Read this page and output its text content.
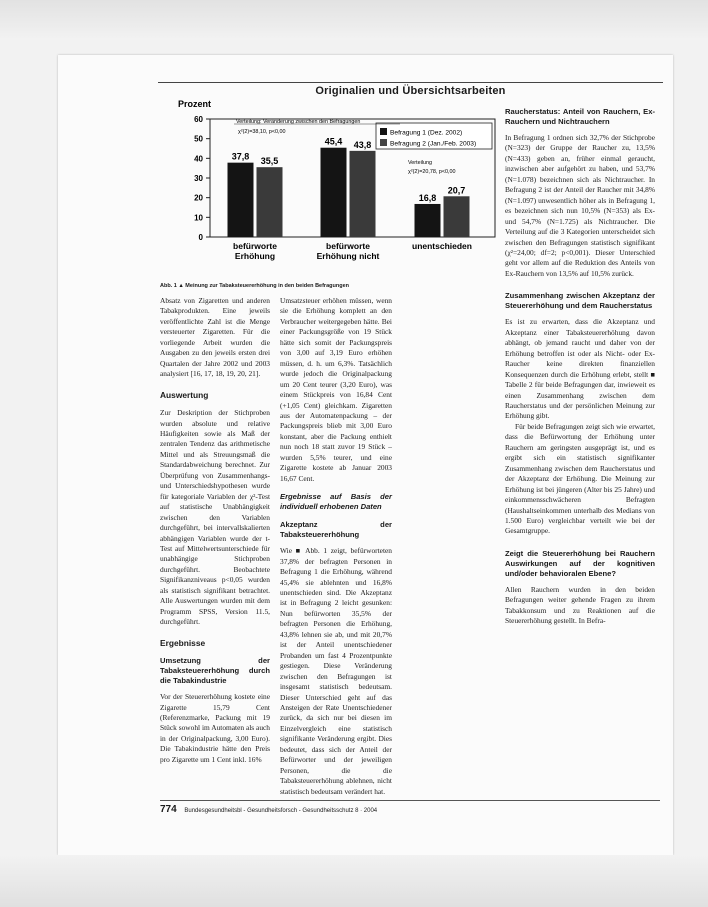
Originalien und Übersichtsarbeiten
Prozent
0
10
20
30
40
50
60
37,8 35,5
befürworte Erhöhung
45,4 43,8
befürworte Erhöhung nicht
16,8
20,7
unentschieden
Befragung 1 (Dez. 2002)
Befragung 2 (Jan./Feb. 2003)
Verteilung: Veränderung zwischen den Befragungen
χ²(2)=38,10, p<0,00
Verteilung
χ²(2)=20,78, p<0,00
Abb. 1 ▲ Meinung zur Tabaksteuererhöhung in den beiden Befragungen

Absatz von Zigaretten und anderen Tabakprodukten. Eine jeweils veröffentlichte Zahl ist die Menge versteuerter Zigaretten. Für die vorliegende Arbeit wurden die Ausgaben zu den jeweils ersten drei Quartalen der Jahre 2002 und 2003 analysiert [16, 17, 18, 19, 20, 21].

Auswertung

Zur Deskription der Stichproben wurden absolute und relative Häufigkeiten sowie als Maß der zentralen Tendenz das arithmetische Mittel und als Streuungsmaß die Standardabweichung berechnet. Zur Überprüfung von Zusammenhangs- und Unterschiedshypothesen wurde für kategoriale Variablen der χ²-Test auf statistische Unabhängigkeit zwischen den Variablen durchgeführt, bei intervallskalierten abhängigen Variablen wurde der t-Test auf Mittelwertsunterschiede für unabhängige Stichproben durchgeführt. Beobachtete Signifikanzniveaus p<0,05 wurden als statistisch signifikant betrachtet. Alle Auswertungen wurden mit dem Programm SPSS, Version 11.5, durchgeführt.

Ergebnisse
Umsetzung der Tabaksteuererhöhung durch die Tabakindustrie

Vor der Steuererhöhung kostete eine Zigarette 15,79 Cent (Referenzmarke, Packung mit 19 Stück sowohl im Automaten als auch in der Originalpackung, 3,00 Euro). Die Tabakindustrie hätte den Preis pro Zigarette um 1 Cent inkl. 16%

Umsatzsteuer erhöhen müssen, wenn sie die Erhöhung komplett an den Verbraucher weitergegeben hätte. Bei einer Packungsgröße von 19 Stück hätte sich somit der Packungspreis von 3,00 auf 3,19 Euro erhöhen müssen, d. h. um 6,3%. Tatsächlich wurde jedoch die Originalpackung um 20 Cent teurer (3,20 Euro), was einem Stückpreis von 16,84 Cent (+1,05 Cent) gleichkam. Zigaretten aus der Automatenpackung – der Packungspreis blieb mit 3,00 Euro konstant, aber die Packung enthielt nun noch 18 statt zuvor 19 Stück – wurden 5,5% teurer, und eine Zigarette kostete ab Januar 2003 16,67 Cent.

Ergebnisse auf Basis der individuell erhobenen Daten
Akzeptanz der Tabaksteuererhöhung

Wie ■ Abb. 1 zeigt, befürworteten 37,8% der befragten Personen in Befragung 1 die Erhöhung, während 45,4% sie ablehnten und 16,8% unentschieden sind. Die Akzeptanz ist in Befragung 2 leicht gesunken: Nun befürworten 35,5% der befragten Personen die Erhöhung, 43,8% lehnen sie ab, und mit 20,7% ist der Anteil unentschiedener Probanden um fast 4 Prozentpunkte gestiegen. Diese Veränderung zwischen den Befragungen ist insgesamt statistisch bedeutsam. Dieser Unterschied geht auf das Ansteigen der Rate Unentschiedener zurück, da sich nur bei diesen im Einzelvergleich eine statistisch signifikante Veränderung ergibt. Dies bedeutet, dass sich der Anteil der Befürworter und der jeweiligen Personen, die die Tabaksteuererhöhung ablehnen, nicht statistisch bedeutsam verändert hat.

Raucherstatus: Anteil von Rauchern, Ex-Rauchern und Nichtrauchern

In Befragung 1 ordnen sich 32,7% der Stichprobe (N=323) der Gruppe der Raucher zu, 13,5% (N=433) geben an, früher einmal geraucht, inzwischen aber aufgehört zu haben, und 53,7% (N=1.078) bezeichnen sich als Nichtraucher. In Befragung 2 ist der Anteil der Raucher mit 34,8% (N=1.097) unwesentlich höher als in Befragung 1, es bezeichnen sich nun 10,5% (N=353) als Ex- und 54,7% (N=1.725) als Nichtraucher. Die Verteilung auf die 3 Kategorien unterscheidet sich zwischen den Befragungen statistisch signifikant (χ²=24,00; df=2; p<0,001). Dieser Unterschied geht vor allem auf die Reduktion des Anteils von Ex-Rauchern von 13,5% auf 10,5% zurück.

Zusammenhang zwischen Akzeptanz der Steuererhöhung und dem Raucherstatus

Es ist zu erwarten, dass die Akzeptanz und Akzeptanz einer Tabaksteuererhöhung davon abhängt, ob jemand raucht und daher von der Erhöhung betroffen ist oder als Nicht- oder Ex-Raucher keine direkten finanziellen Konsequenzen durch die Erhöhung erlebt, stellt ■ Tabelle 2 für beide Befragungen dar, inwieweit es einen Zusammenhang zwischen dem Raucherstatus und der persönlichen Meinung zur Erhöhung gibt.

Für beide Befragungen zeigt sich wie erwartet, dass die Befürwortung der Erhöhung unter Rauchern am geringsten ausgeprägt ist, und es ergibt sich ein statistisch signifikanter Zusammenhang zwischen dem Raucherstatus und der Akzeptanz der Erhöhung. Die Meinung zur Erhöhung ist bei jüngeren (Alter bis 25 Jahre) und einkommensschwächeren Befragten (Haushaltseinkommen unterhalb des Medians von 1.500 Euro) vergleichbar verteilt wie bei der Gesamtgruppe.

Zeigt die Steuererhöhung bei Rauchern Auswirkungen auf der kognitiven und/oder behavioralen Ebene?

Allen Rauchern wurden in den beiden Befragungen weiter gehende Fragen zu ihrem Tabakkonsum und zu Reaktionen auf die Steuererhöhung gestellt. In Befra-

774 Bundesgesundheitsbl - Gesundheitsforsch - Gesundheitsschutz 8 · 2004
